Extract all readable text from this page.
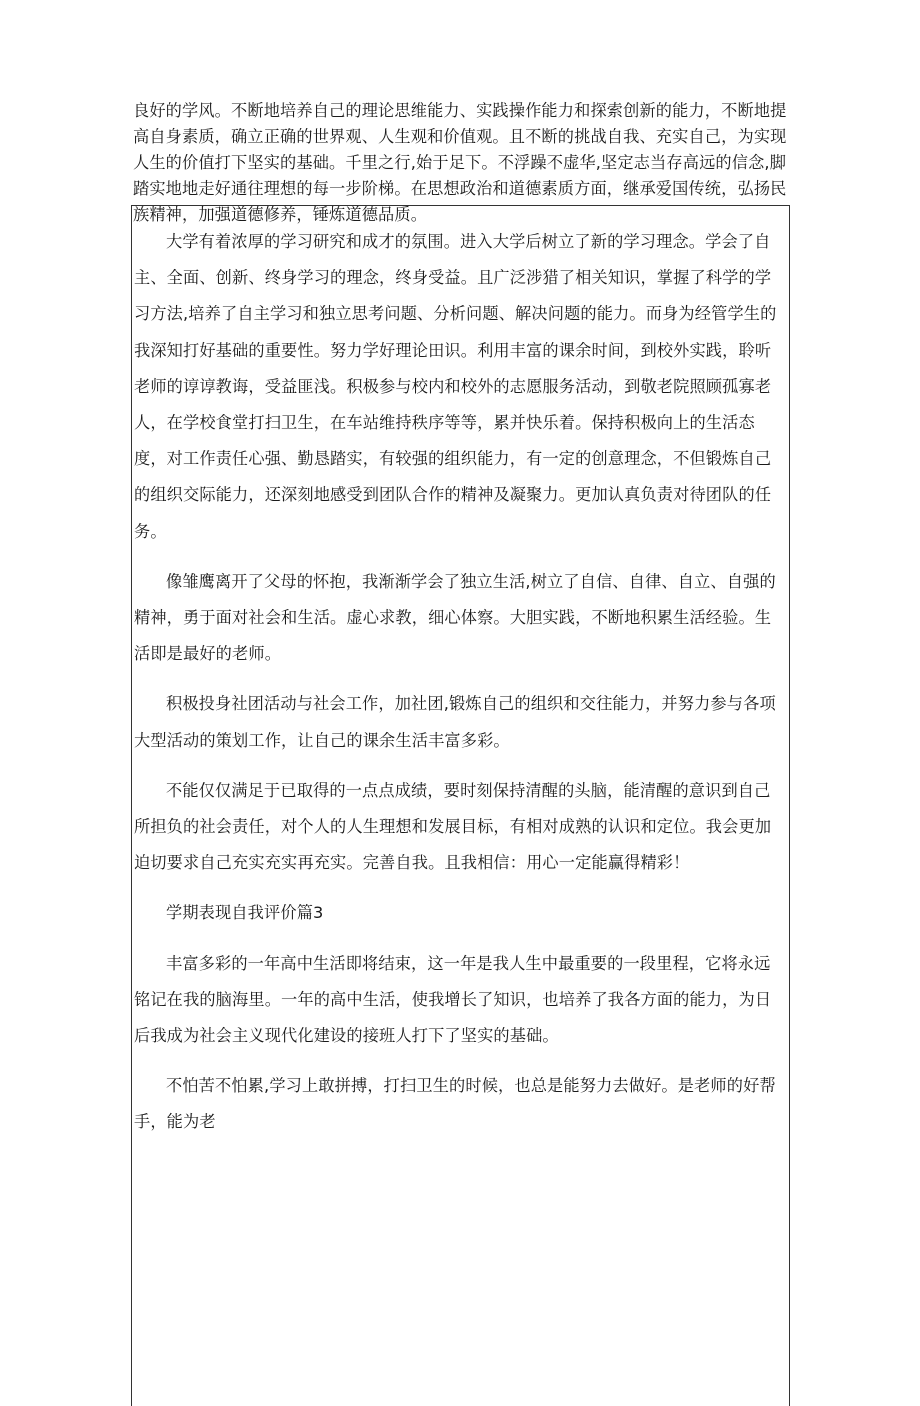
良好的学风。不断地培养自己的理论思维能力、实践操作能力和探索创新的能力，不断地提高自身素质，确立正确的世界观、人生观和价值观。且不断的挑战自我、充实自己，为实现人生的价值打下坚实的基础。千里之行,始于足下。不浮躁不虚华,坚定志当存高远的信念,脚踏实地地走好通往理想的每一步阶梯。在思想政治和道德素质方面，继承爱国传统，弘扬民族精神，加强道德修养，锤炼道德品质。

大学有着浓厚的学习研究和成才的氛围。进入大学后树立了新的学习理念。学会了自主、全面、创新、终身学习的理念，终身受益。且广泛涉猎了相关知识，掌握了科学的学习方法,培养了自主学习和独立思考问题、分析问题、解决问题的能力。而身为经管学生的我深知打好基础的重要性。努力学好理论田识。利用丰富的课余时间，到校外实践，聆听老师的谆谆教诲，受益匪浅。积极参与校内和校外的志愿服务活动，到敬老院照顾孤寡老人，在学校食堂打扫卫生，在车站维持秩序等等，累并快乐着。保持积极向上的生活态度，对工作责任心强、勤恳踏实，有较强的组织能力，有一定的创意理念，不但锻炼自己的组织交际能力，还深刻地感受到团队合作的精神及凝聚力。更加认真负责对待团队的任务。

像雏鹰离开了父母的怀抱，我渐渐学会了独立生活,树立了自信、自律、自立、自强的精神，勇于面对社会和生活。虚心求教，细心体察。大胆实践，不断地积累生活经验。生活即是最好的老师。

积极投身社团活动与社会工作，加社团,锻炼自己的组织和交往能力，并努力参与各项大型活动的策划工作，让自己的课余生活丰富多彩。

不能仅仅满足于已取得的一点点成绩，要时刻保持清醒的头脑，能清醒的意识到自己所担负的社会责任，对个人的人生理想和发展目标，有相对成熟的认识和定位。我会更加迫切要求自己充实充实再充实。完善自我。且我相信：用心一定能赢得精彩！

学期表现自我评价篇3

丰富多彩的一年高中生活即将结束，这一年是我人生中最重要的一段里程，它将永远铭记在我的脑海里。一年的高中生活，使我增长了知识，也培养了我各方面的能力，为日后我成为社会主义现代化建设的接班人打下了坚实的基础。

不怕苦不怕累,学习上敢拼搏，打扫卫生的时候，也总是能努力去做好。是老师的好帮手，能为老
